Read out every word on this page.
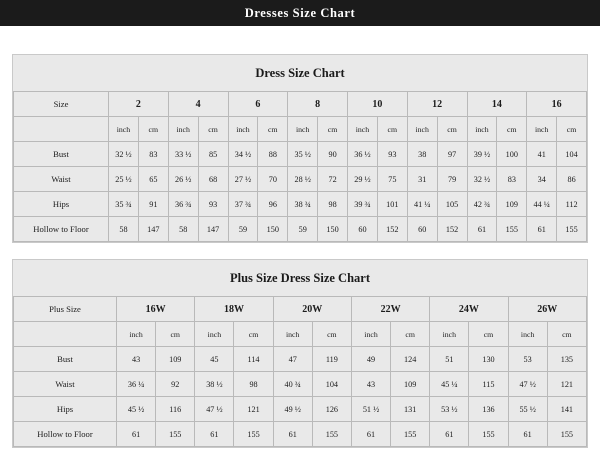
Dresses Size Chart
Dress Size Chart
Size	2		4		6		8		10		12		14		16	
	inch	cm	inch	cm	inch	cm	inch	cm	inch	cm	inch	cm	inch	cm	inch	cm
Bust	32 ½	83	33 ½	85	34 ½	88	35 ½	90	36 ½	93	38	97	39 ½	100	41	104
Waist	25 ½	65	26 ½	68	27 ½	70	28 ½	72	29 ½	75	31	79	32 ½	83	34	86
Hips	35 ¾	91	36 ¾	93	37 ¾	96	38 ¾	98	39 ¾	101	41 ¼	105	42 ¾	109	44 ¼	112
Hollow to Floor	58	147	58	147	59	150	59	150	60	152	60	152	61	155	61	155
Plus Size Dress Size Chart
Plus Size	16W		18W		20W		22W		24W		26W	
	inch	cm	inch	cm	inch	cm	inch	cm	inch	cm	inch	cm
Bust	43	109	45	114	47	119	49	124	51	130	53	135
Waist	36 ¼	92	38 ½	98	40 ¾	104	43	109	45 ¼	115	47 ½	121
Hips	45 ½	116	47 ½	121	49 ½	126	51 ½	131	53 ½	136	55 ½	141
Hollow to Floor	61	155	61	155	61	155	61	155	61	155	61	155
